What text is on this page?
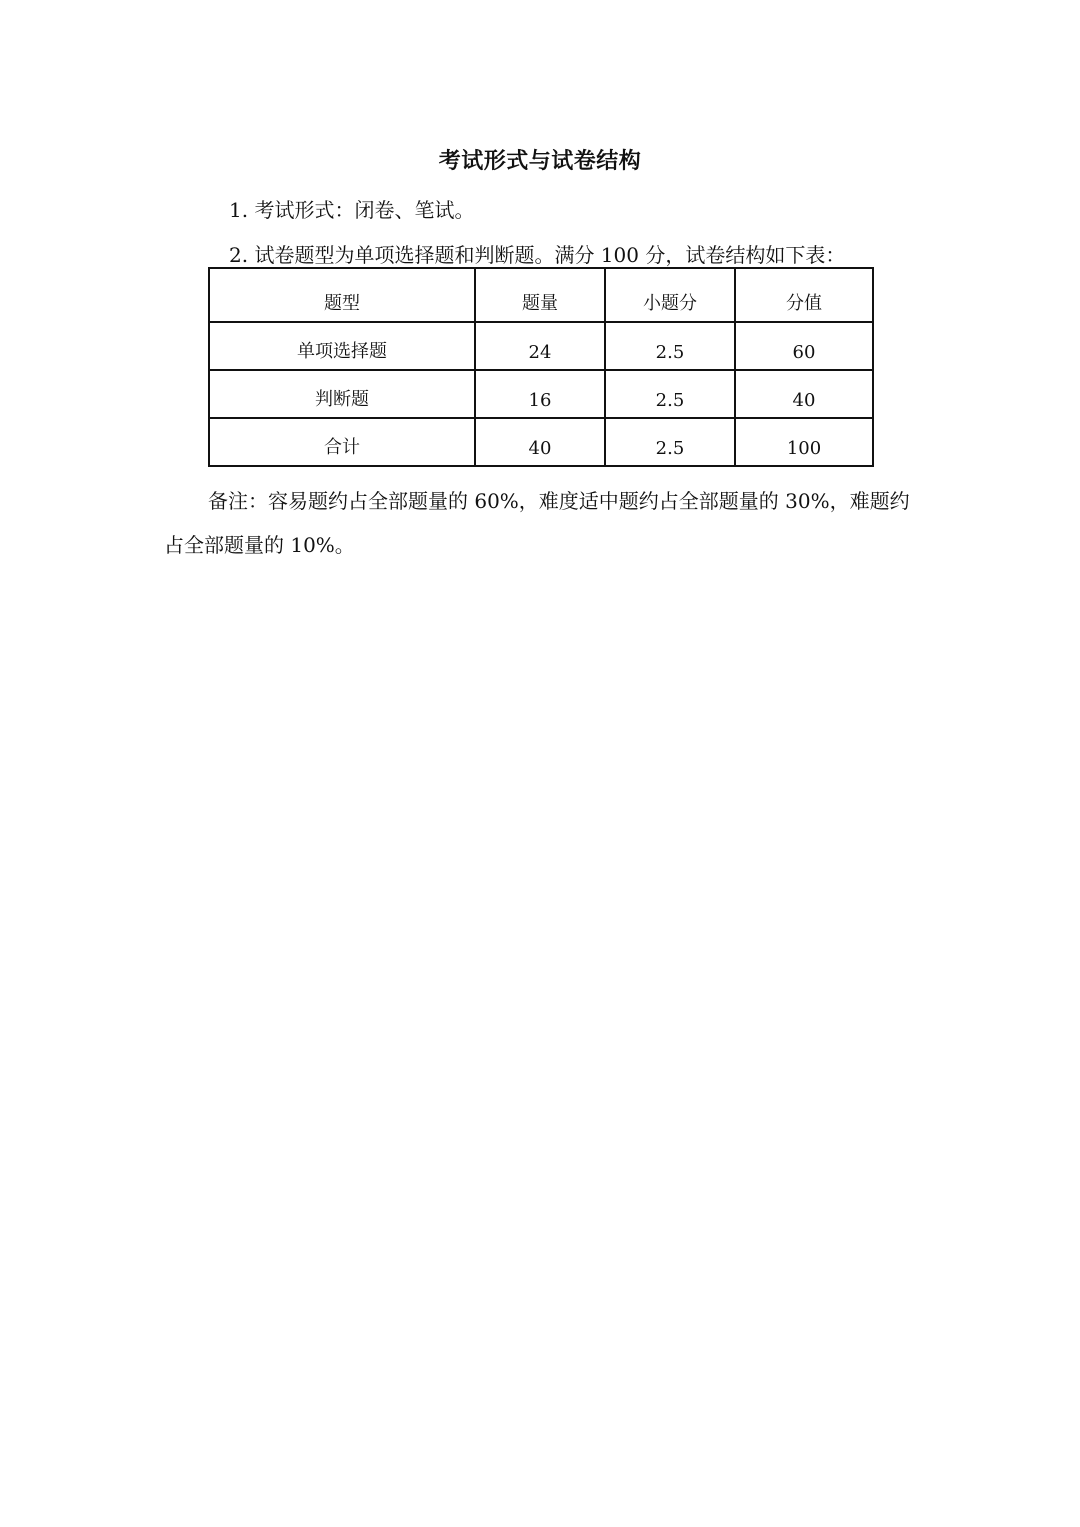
考试形式与试卷结构
1. 考试形式：闭卷、笔试。
2. 试卷题型为单项选择题和判断题。满分 100 分，试卷结构如下表：
题型	题量	小题分	分值
单项选择题	24	2.5	60
判断题	16	2.5	40
合计	40	2.5	100
备注：容易题约占全部题量的 60%，难度适中题约占全部题量的 30%，难题约占全部题量的 10%。
